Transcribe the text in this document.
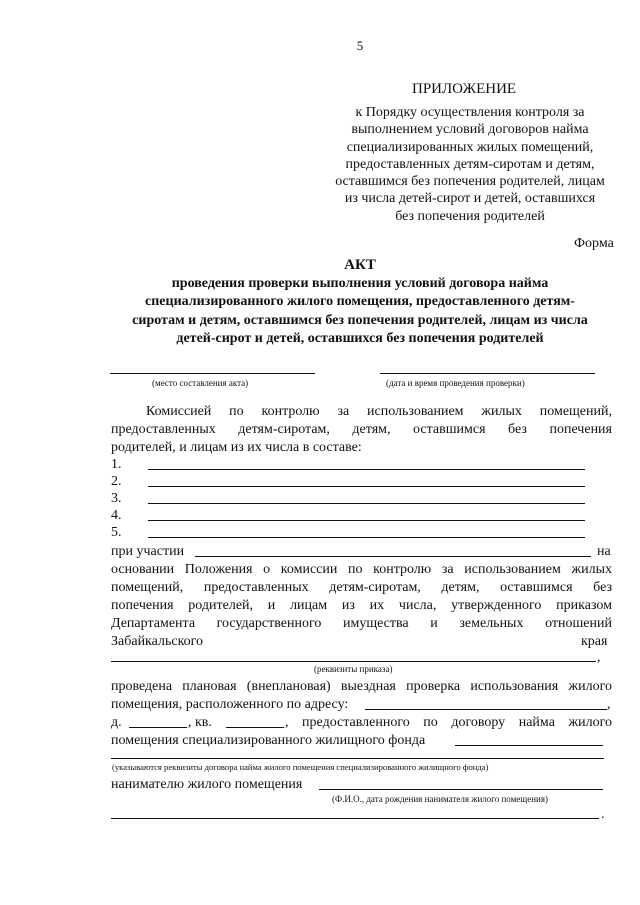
5
ПРИЛОЖЕНИЕ
к Порядку осуществления контроля за
выполнением условий договоров найма
специализированных жилых помещений,
предоставленных детям-сиротам и детям,
оставшимся без попечения родителей, лицам
из числа детей-сирот и детей, оставшихся
без попечения родителей
Форма
АКТ
проведения проверки выполнения условий договора найма
специализированного жилого помещения, предоставленного детям-
сиротам и детям, оставшимся без попечения родителей, лицам из числа
детей-сирот и детей, оставшихся без попечения родителей
(место составления акта)	(дата и время проведения проверки)
Комиссией по контролю за использованием жилых помещений,
предоставленных детям-сиротам, детям, оставшимся без попечения
родителей, и лицам из их числа в составе:
1.
2.
3.
4.
5.
при участии	на
основании Положения о комиссии по контролю за использованием жилых
помещений, предоставленных детям-сиротам, детям, оставшимся без
попечения родителей, и лицам из их числа, утвержденного приказом
Департамента государственного имущества и земельных отношений
Забайкальского	края
,
(реквизиты приказа)
проведена плановая (внеплановая) выездная проверка использования жилого
помещения, расположенного по адресу:	,
д.	, кв.	, предоставленного по договору найма жилого
помещения специализированного жилищного фонда
(указываются реквизиты договора найма жилого помещения специализированного жилищного фонда)
нанимателю жилого помещения
(Ф.И.О., дата рождения нанимателя жилого помещения)
.
